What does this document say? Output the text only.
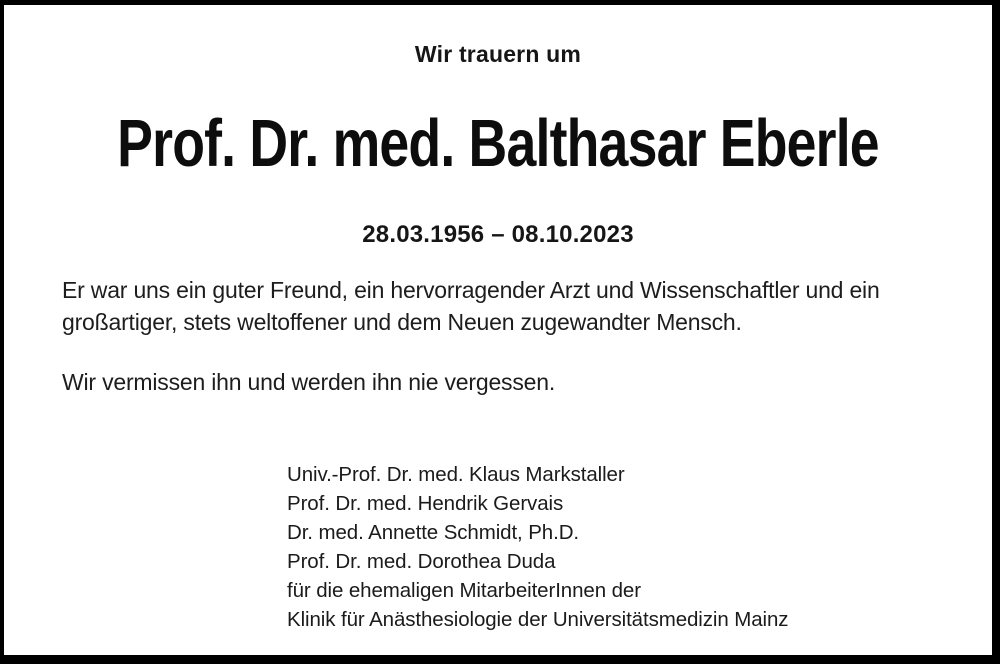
Wir trauern um
Prof. Dr. med. Balthasar Eberle
28.03.1956 – 08.10.2023
Er war uns ein guter Freund, ein hervorragender Arzt und Wissenschaftler und ein großartiger, stets weltoffener und dem Neuen zugewandter Mensch.
Wir vermissen ihn und werden ihn nie vergessen.
Univ.-Prof. Dr. med. Klaus Markstaller
Prof. Dr. med. Hendrik Gervais
Dr. med. Annette Schmidt, Ph.D.
Prof. Dr. med. Dorothea Duda
für die ehemaligen MitarbeiterInnen der
Klinik für Anästhesiologie der Universitätsmedizin Mainz
